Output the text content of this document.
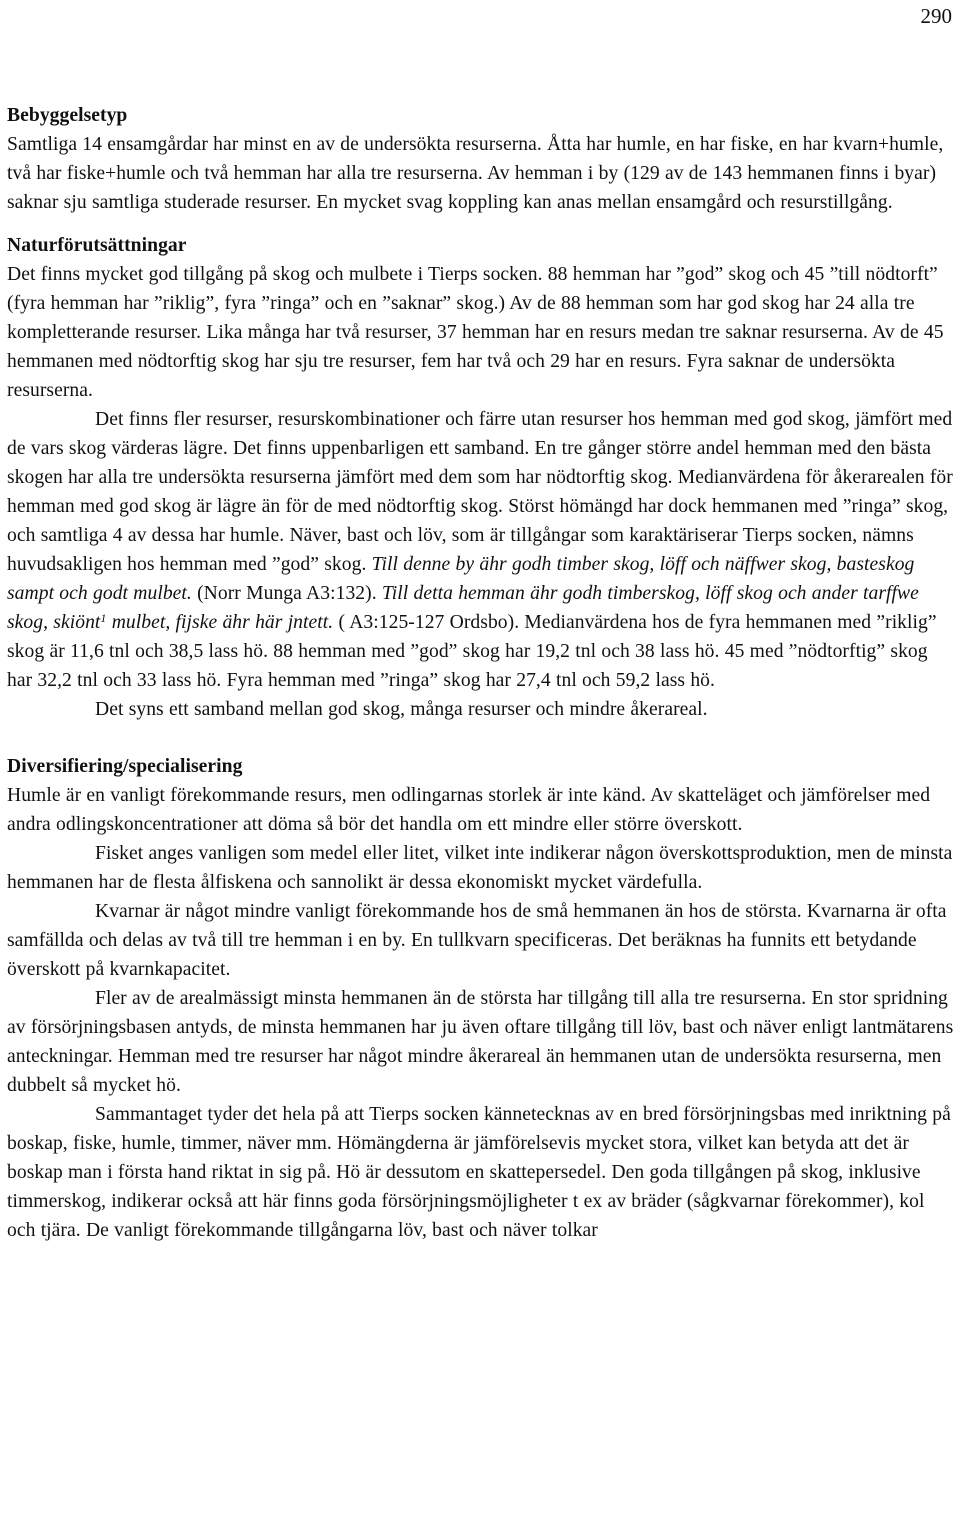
290
Bebyggelsetyp

Samtliga 14 ensamgårdar har minst en av de undersökta resurserna. Åtta har humle, en har fiske, en har kvarn+humle, två har fiske+humle och två hemman har alla tre resurserna. Av hemman i by (129 av de 143 hemmanen finns i byar) saknar sju samtliga studerade resurser. En mycket svag koppling kan anas mellan ensamgård och resurstillgång.

Naturförutsättningar

Det finns mycket god tillgång på skog och mulbete i Tierps socken. 88 hemman har ”god” skog och 45 ”till nödtorft” (fyra hemman har ”riklig”, fyra ”ringa” och en ”saknar” skog.) Av de 88 hemman som har god skog har 24 alla tre kompletterande resurser. Lika många har två resurser, 37 hemman har en resurs medan tre saknar resurserna. Av de 45 hemmanen med nödtorftig skog har sju tre resurser, fem har två och 29 har en resurs. Fyra saknar de undersökta resurserna.

Det finns fler resurser, resurskombinationer och färre utan resurser hos hemman med god skog, jämfört med de vars skog värderas lägre. Det finns uppenbarligen ett samband. En tre gånger större andel hemman med den bästa skogen har alla tre undersökta resurserna jämfört med dem som har nödtorftig skog. Medianvärdena för åkerarealen för hemman med god skog är lägre än för de med nödtorftig skog. Störst hömängd har dock hemmanen med ”ringa” skog, och samtliga 4 av dessa har humle. Näver, bast och löv, som är tillgångar som karaktäriserar Tierps socken, nämns huvudsakligen hos hemman med ”god” skog. Till denne by ähr godh timber skog, löff och näffwer skog, basteskog sampt och godt mulbet. (Norr Munga A3:132). Till detta hemman ähr godh timberskog, löff skog och ander tarffwe skog, skiönt$^1$ mulbet, fijske ähr här jntett. ( A3:125-127 Ordsbo). Medianvärdena hos de fyra hemmanen med ”riklig” skog är 11,6 tnl och 38,5 lass hö. 88 hemman med ”god” skog har 19,2 tnl och 38 lass hö. 45 med ”nödtorftig” skog har 32,2 tnl och 33 lass hö. Fyra hemman med ”ringa” skog har 27,4 tnl och 59,2 lass hö.

Det syns ett samband mellan god skog, många resurser och mindre åkerareal.

Diversifiering/specialisering

Humle är en vanligt förekommande resurs, men odlingarnas storlek är inte känd. Av skatteläget och jämförelser med andra odlingskoncentrationer att döma så bör det handla om ett mindre eller större överskott.

Fisket anges vanligen som medel eller litet, vilket inte indikerar någon överskottsproduktion, men de minsta hemmanen har de flesta ålfiskena och sannolikt är dessa ekonomiskt mycket värdefulla.

Kvarnar är något mindre vanligt förekommande hos de små hemmanen än hos de största. Kvarnarna är ofta samfällda och delas av två till tre hemman i en by. En tullkvarn specificeras. Det beräknas ha funnits ett betydande överskott på kvarnkapacitet.

Fler av de arealmässigt minsta hemmanen än de största har tillgång till alla tre resurserna. En stor spridning av försörjningsbasen antyds, de minsta hemmanen har ju även oftare tillgång till löv, bast och näver enligt lantmätarens anteckningar. Hemman med tre resurser har något mindre åkerareal än hemmanen utan de undersökta resurserna, men dubbelt så mycket hö.

Sammantaget tyder det hela på att Tierps socken kännetecknas av en bred försörjningsbas med inriktning på boskap, fiske, humle, timmer, näver mm. Hömängderna är jämförelsevis mycket stora, vilket kan betyda att det är boskap man i första hand riktat in sig på. Hö är dessutom en skattepersedel. Den goda tillgången på skog, inklusive timmerskog, indikerar också att här finns goda försörjningsmöjligheter t ex av bräder (sågkvarnar förekommer), kol och tjära. De vanligt förekommande tillgångarna löv, bast och näver tolkar
